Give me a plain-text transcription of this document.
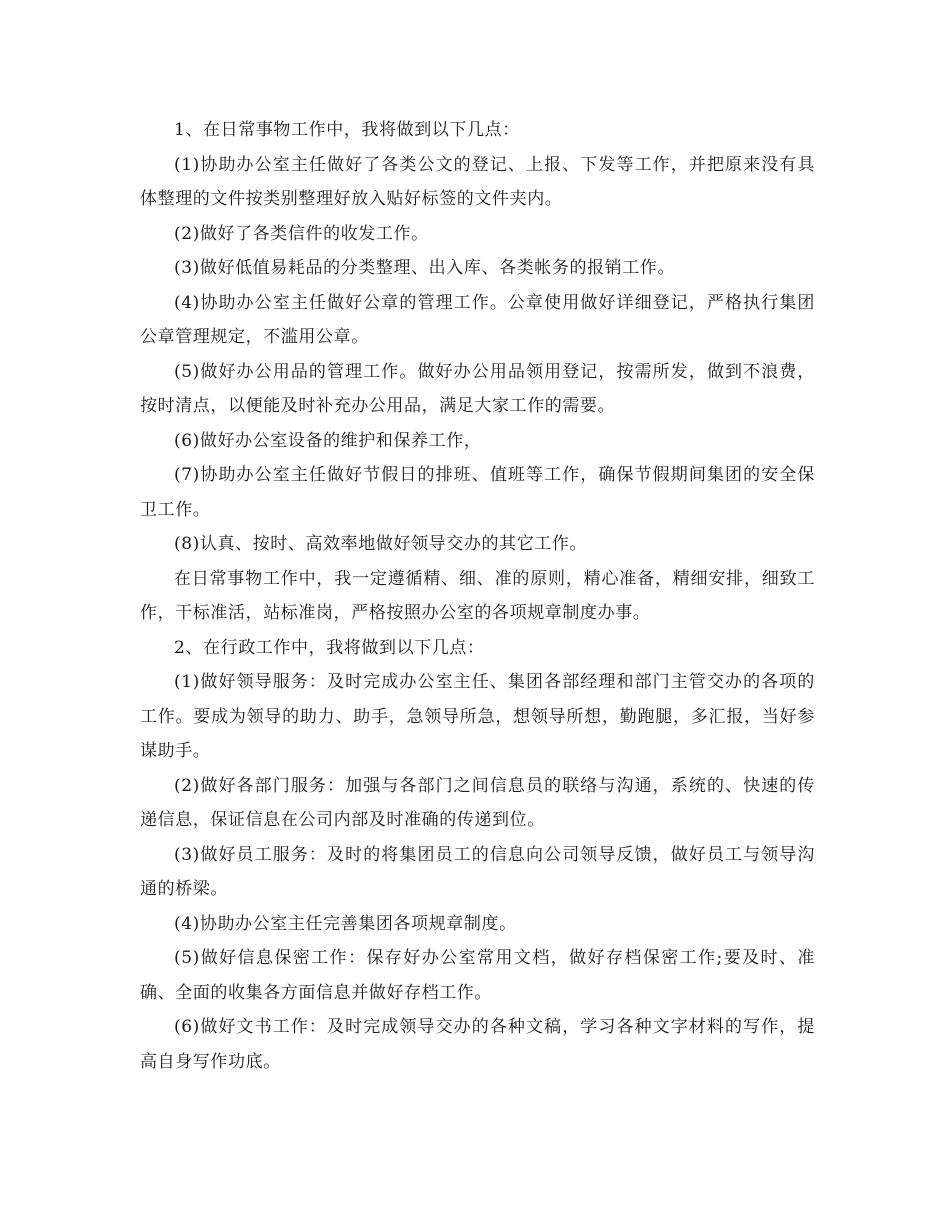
1、在日常事物工作中，我将做到以下几点：

(1)协助办公室主任做好了各类公文的登记、上报、下发等工作，并把原来没有具体整理的文件按类别整理好放入贴好标签的文件夹内。

(2)做好了各类信件的收发工作。

(3)做好低值易耗品的分类整理、出入库、各类帐务的报销工作。

(4)协助办公室主任做好公章的管理工作。公章使用做好详细登记，严格执行集团公章管理规定，不滥用公章。

(5)做好办公用品的管理工作。做好办公用品领用登记，按需所发，做到不浪费，按时清点，以便能及时补充办公用品，满足大家工作的需要。

(6)做好办公室设备的维护和保养工作，

(7)协助办公室主任做好节假日的排班、值班等工作，确保节假期间集团的安全保卫工作。

(8)认真、按时、高效率地做好领导交办的其它工作。

在日常事物工作中，我一定遵循精、细、准的原则，精心准备，精细安排，细致工作，干标准活，站标准岗，严格按照办公室的各项规章制度办事。

2、在行政工作中，我将做到以下几点：

(1)做好领导服务：及时完成办公室主任、集团各部经理和部门主管交办的各项的工作。要成为领导的助力、助手，急领导所急，想领导所想，勤跑腿，多汇报，当好参谋助手。

(2)做好各部门服务：加强与各部门之间信息员的联络与沟通，系统的、快速的传递信息，保证信息在公司内部及时准确的传递到位。

(3)做好员工服务：及时的将集团员工的信息向公司领导反馈，做好员工与领导沟通的桥梁。

(4)协助办公室主任完善集团各项规章制度。

(5)做好信息保密工作：保存好办公室常用文档，做好存档保密工作;要及时、准确、全面的收集各方面信息并做好存档工作。

(6)做好文书工作：及时完成领导交办的各种文稿，学习各种文字材料的写作，提高自身写作功底。
